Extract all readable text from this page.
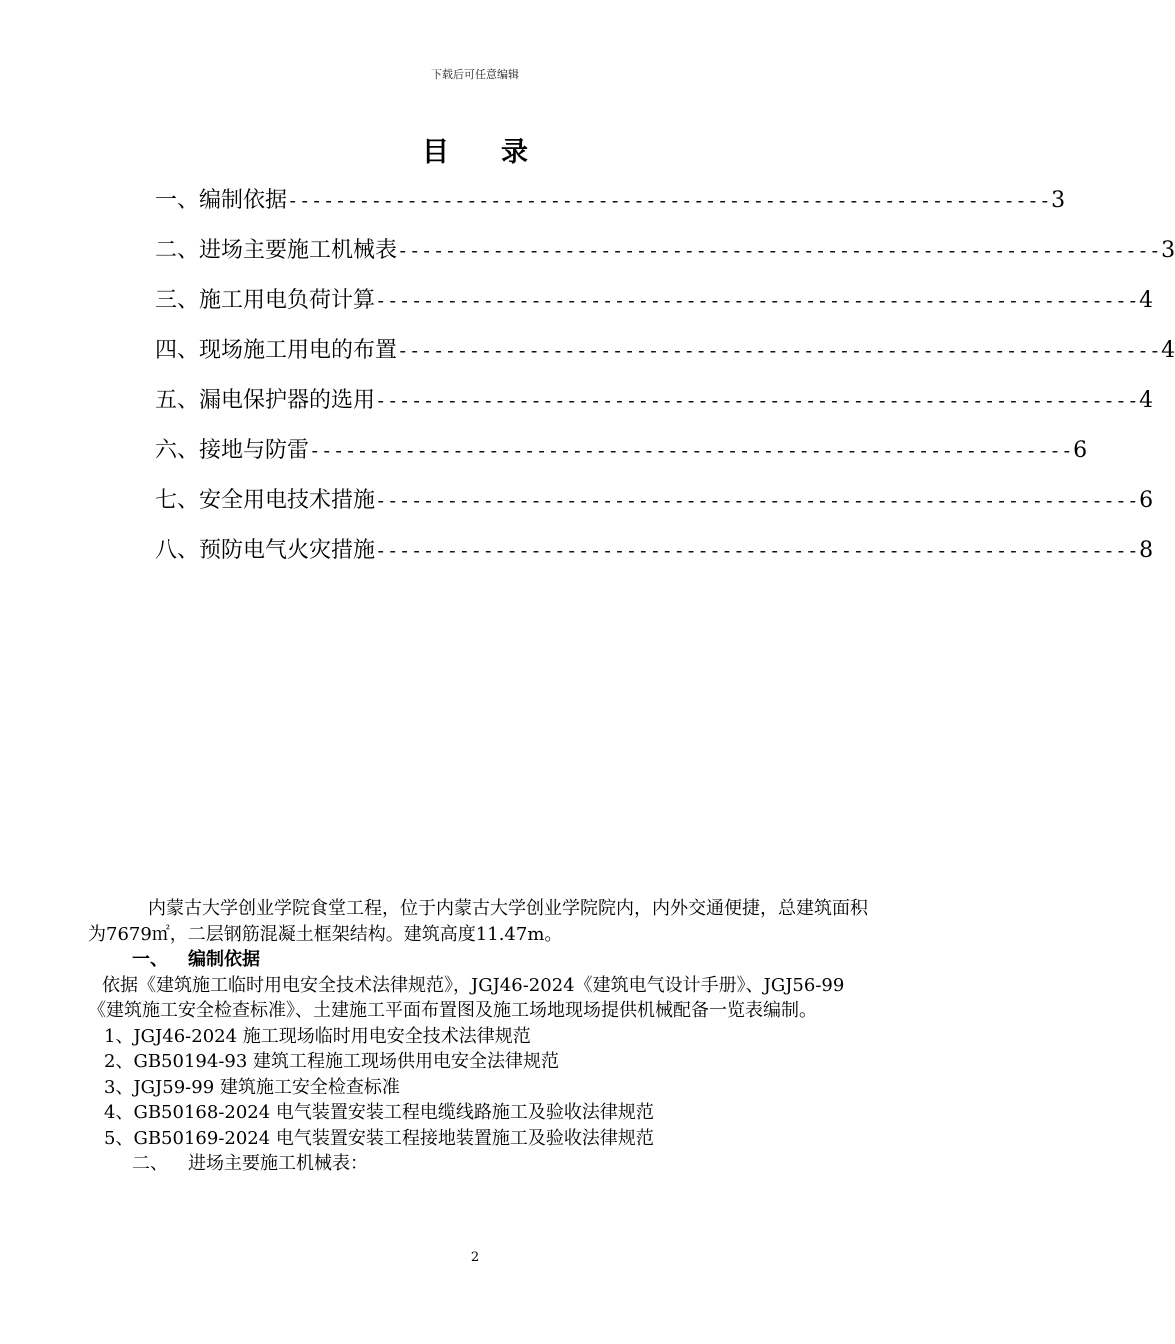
下载后可任意编辑
目 录
一、编制依据 ---------------------------------------------------------------- 3
二、进场主要施工机械表 ---------------------------------------------------------------- 3
三、施工用电负荷计算 ---------------------------------------------------------------- 4
四、现场施工用电的布置 ---------------------------------------------------------------- 4
五、漏电保护器的选用 ---------------------------------------------------------------- 4
六、接地与防雷 ---------------------------------------------------------------- 6
七、安全用电技术措施 ---------------------------------------------------------------- 6
八、预防电气火灾措施 ---------------------------------------------------------------- 8

内蒙古大学创业学院食堂工程，位于内蒙古大学创业学院院内，内外交通便捷，总建筑面积为7679㎡，二层钢筋混凝土框架结构。建筑高度11.47m。

一、 编制依据

依据《建筑施工临时用电安全技术法律规范》，JGJ46-2024《建筑电气设计手册》、JGJ56-99《建筑施工安全检查标准》、土建施工平面布置图及施工场地现场提供机械配备一览表编制。

1、JGJ46-2024 施工现场临时用电安全技术法律规范

2、GB50194-93 建筑工程施工现场供用电安全法律规范

3、JGJ59-99 建筑施工安全检查标准

4、GB50168-2024 电气装置安装工程电缆线路施工及验收法律规范

5、GB50169-2024 电气装置安装工程接地装置施工及验收法律规范

二、 进场主要施工机械表：

2
